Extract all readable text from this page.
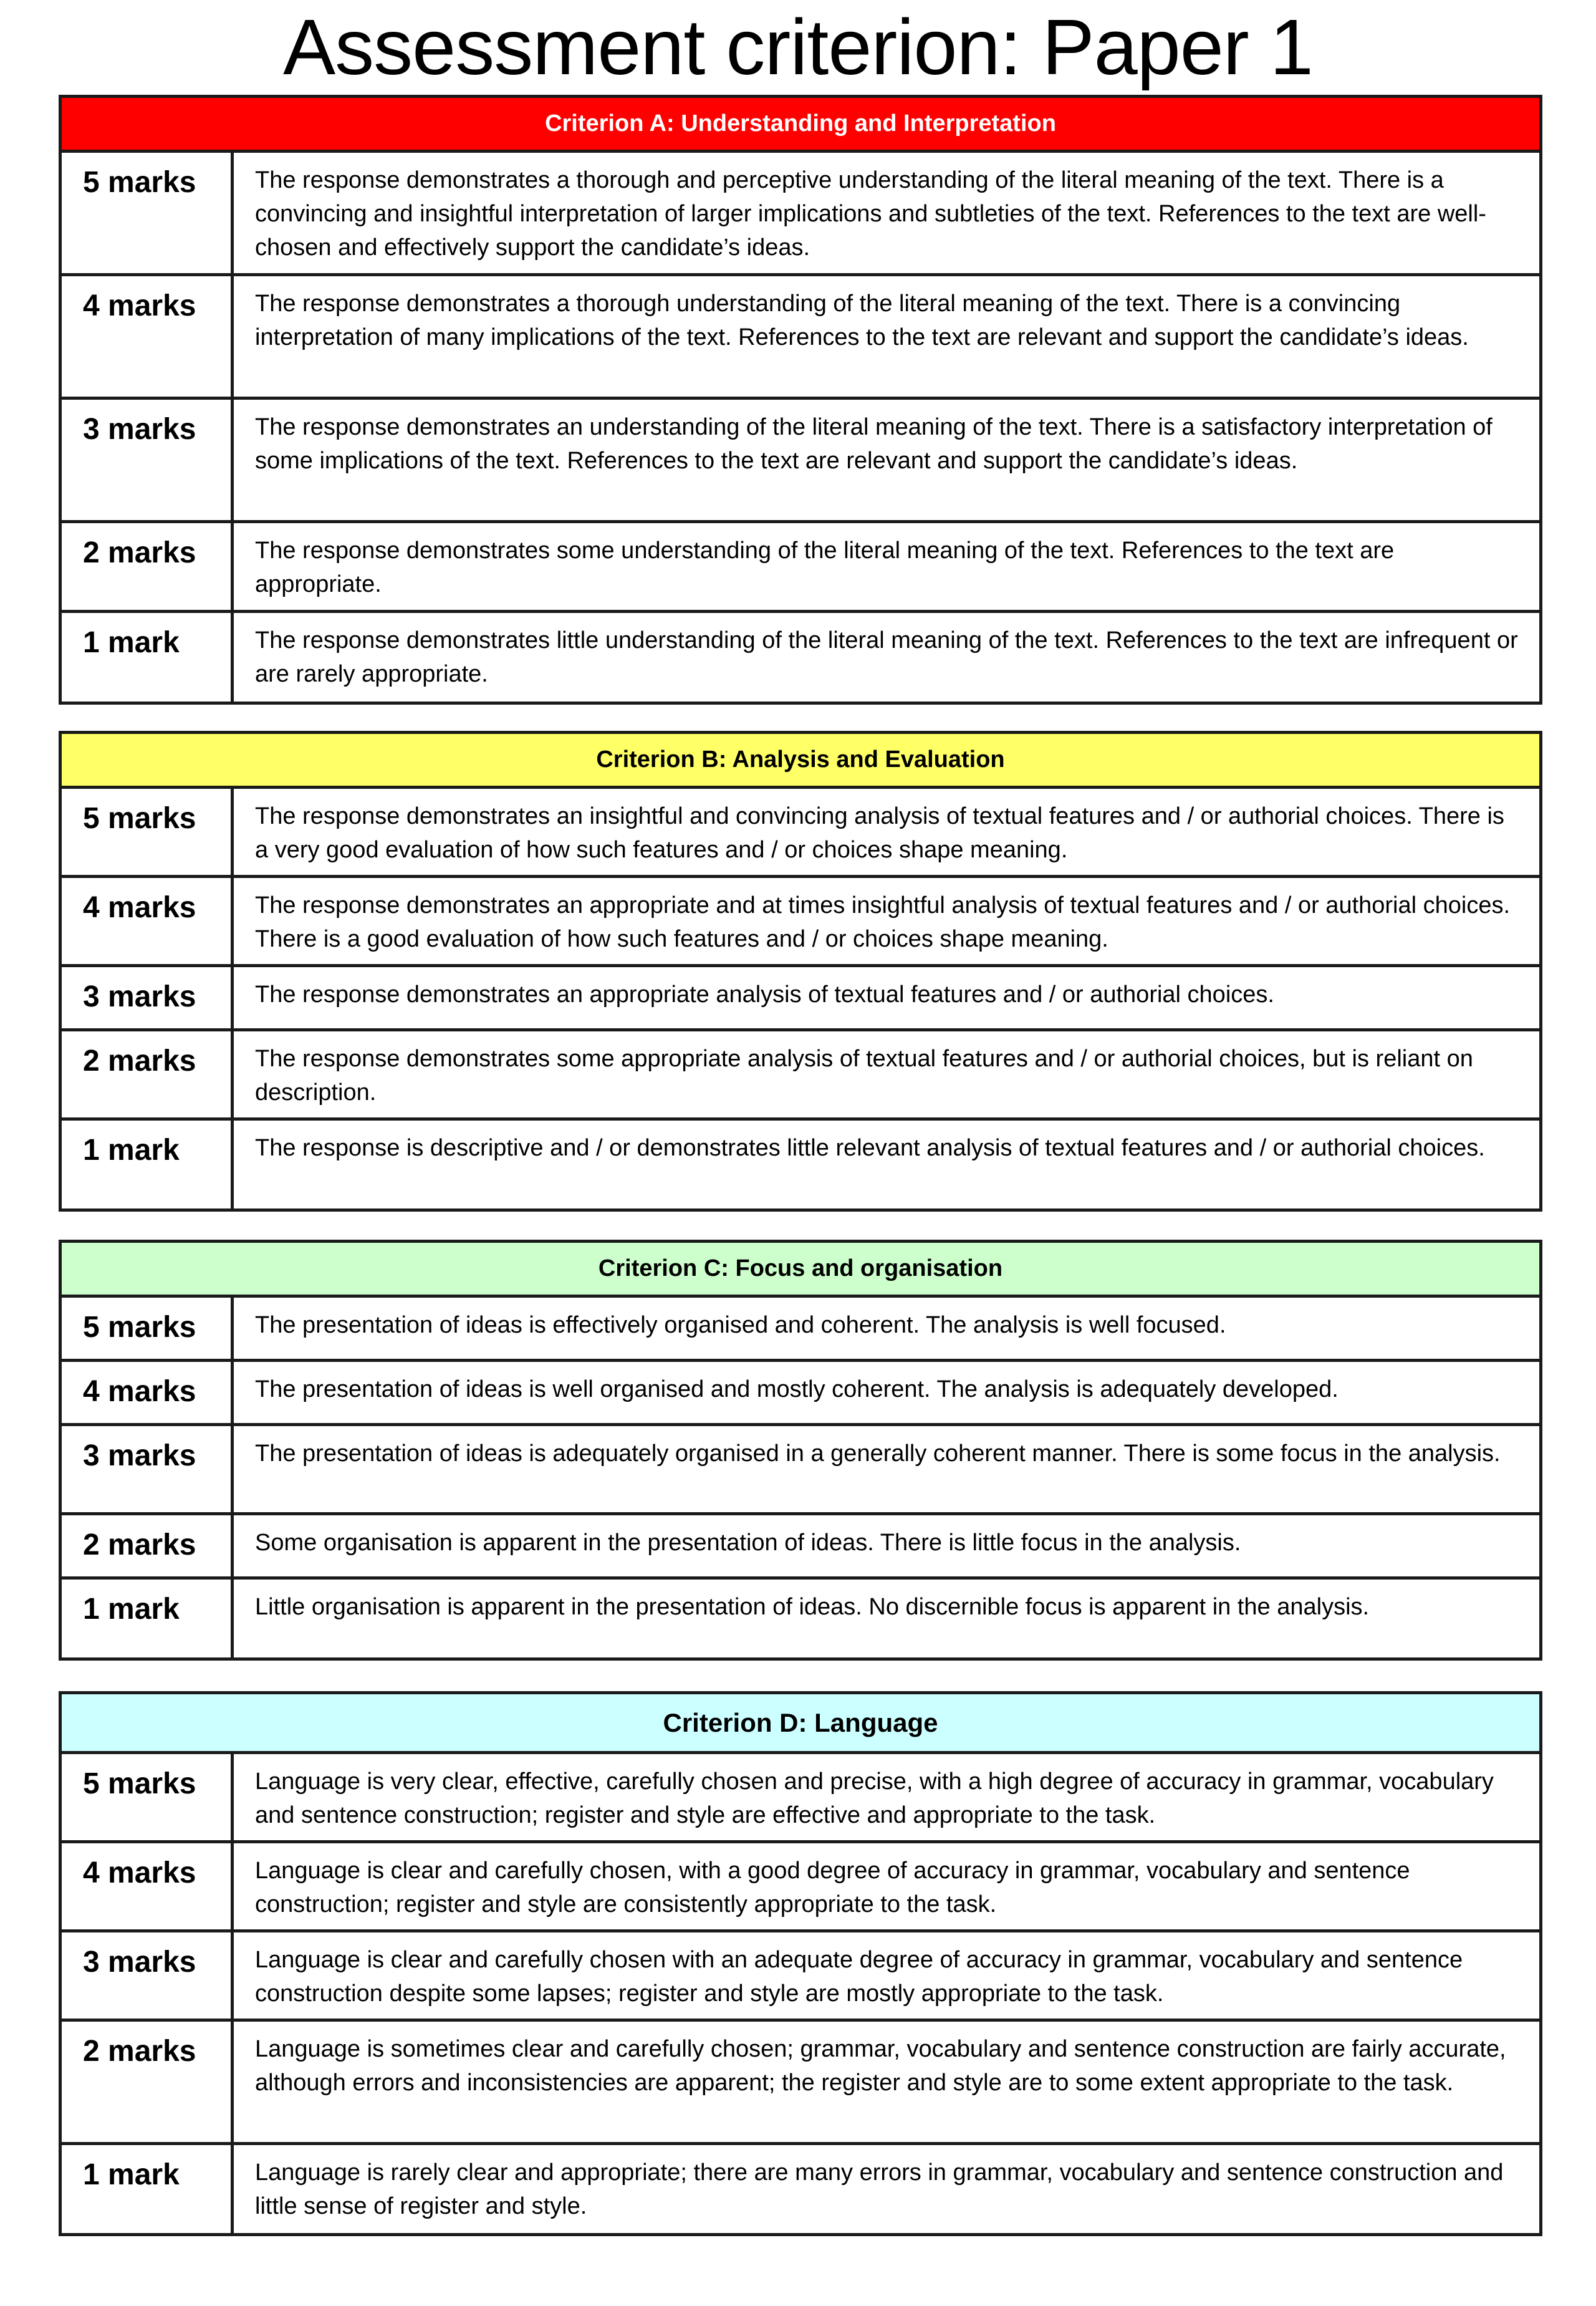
Assessment criterion: Paper 1
Criterion A: Understanding and Interpretation
5 marks	The response demonstrates a thorough and perceptive understanding of the literal meaning of the text. There is a convincing and insightful interpretation of larger implications and subtleties of the text. References to the text are well-chosen and effectively support the candidate’s ideas.
4 marks	The response demonstrates a thorough understanding of the literal meaning of the text. There is a convincing interpretation of many implications of the text. References to the text are relevant and support the candidate’s ideas.
3 marks	The response demonstrates an understanding of the literal meaning of the text. There is a satisfactory interpretation of some implications of the text. References to the text are relevant and support the candidate’s ideas.
2 marks	The response demonstrates some understanding of the literal meaning of the text. References to the text are appropriate.
1 mark	The response demonstrates little understanding of the literal meaning of the text. References to the text are infrequent or are rarely appropriate.
Criterion B: Analysis and Evaluation
5 marks	The response demonstrates an insightful and convincing analysis of textual features and / or authorial choices. There is a very good evaluation of how such features and / or choices shape meaning.
4 marks	The response demonstrates an appropriate and at times insightful analysis of textual features and / or authorial choices. There is a good evaluation of how such features and / or choices shape meaning.
3 marks	The response demonstrates an appropriate analysis of textual features and / or authorial choices.
2 marks	The response demonstrates some appropriate analysis of textual features and / or authorial choices, but is reliant on description.
1 mark	The response is descriptive and / or demonstrates little relevant analysis of textual features and / or authorial choices.
Criterion C: Focus and organisation
5 marks	The presentation of ideas is effectively organised and coherent. The analysis is well focused.
4 marks	The presentation of ideas is well organised and mostly coherent. The analysis is adequately developed.
3 marks	The presentation of ideas is adequately organised in a generally coherent manner. There is some focus in the analysis.
2 marks	Some organisation is apparent in the presentation of ideas. There is little focus in the analysis.
1 mark	Little organisation is apparent in the presentation of ideas. No discernible focus is apparent in the analysis.
Criterion D: Language
5 marks	Language is very clear, effective, carefully chosen and precise, with a high degree of accuracy in grammar, vocabulary and sentence construction; register and style are effective and appropriate to the task.
4 marks	Language is clear and carefully chosen, with a good degree of accuracy in grammar, vocabulary and sentence construction; register and style are consistently appropriate to the task.
3 marks	Language is clear and carefully chosen with an adequate degree of accuracy in grammar, vocabulary and sentence construction despite some lapses; register and style are mostly appropriate to the task.
2 marks	Language is sometimes clear and carefully chosen; grammar, vocabulary and sentence construction are fairly accurate, although errors and inconsistencies are apparent; the register and style are to some extent appropriate to the task.
1 mark	Language is rarely clear and appropriate; there are many errors in grammar, vocabulary and sentence construction and little sense of register and style.
